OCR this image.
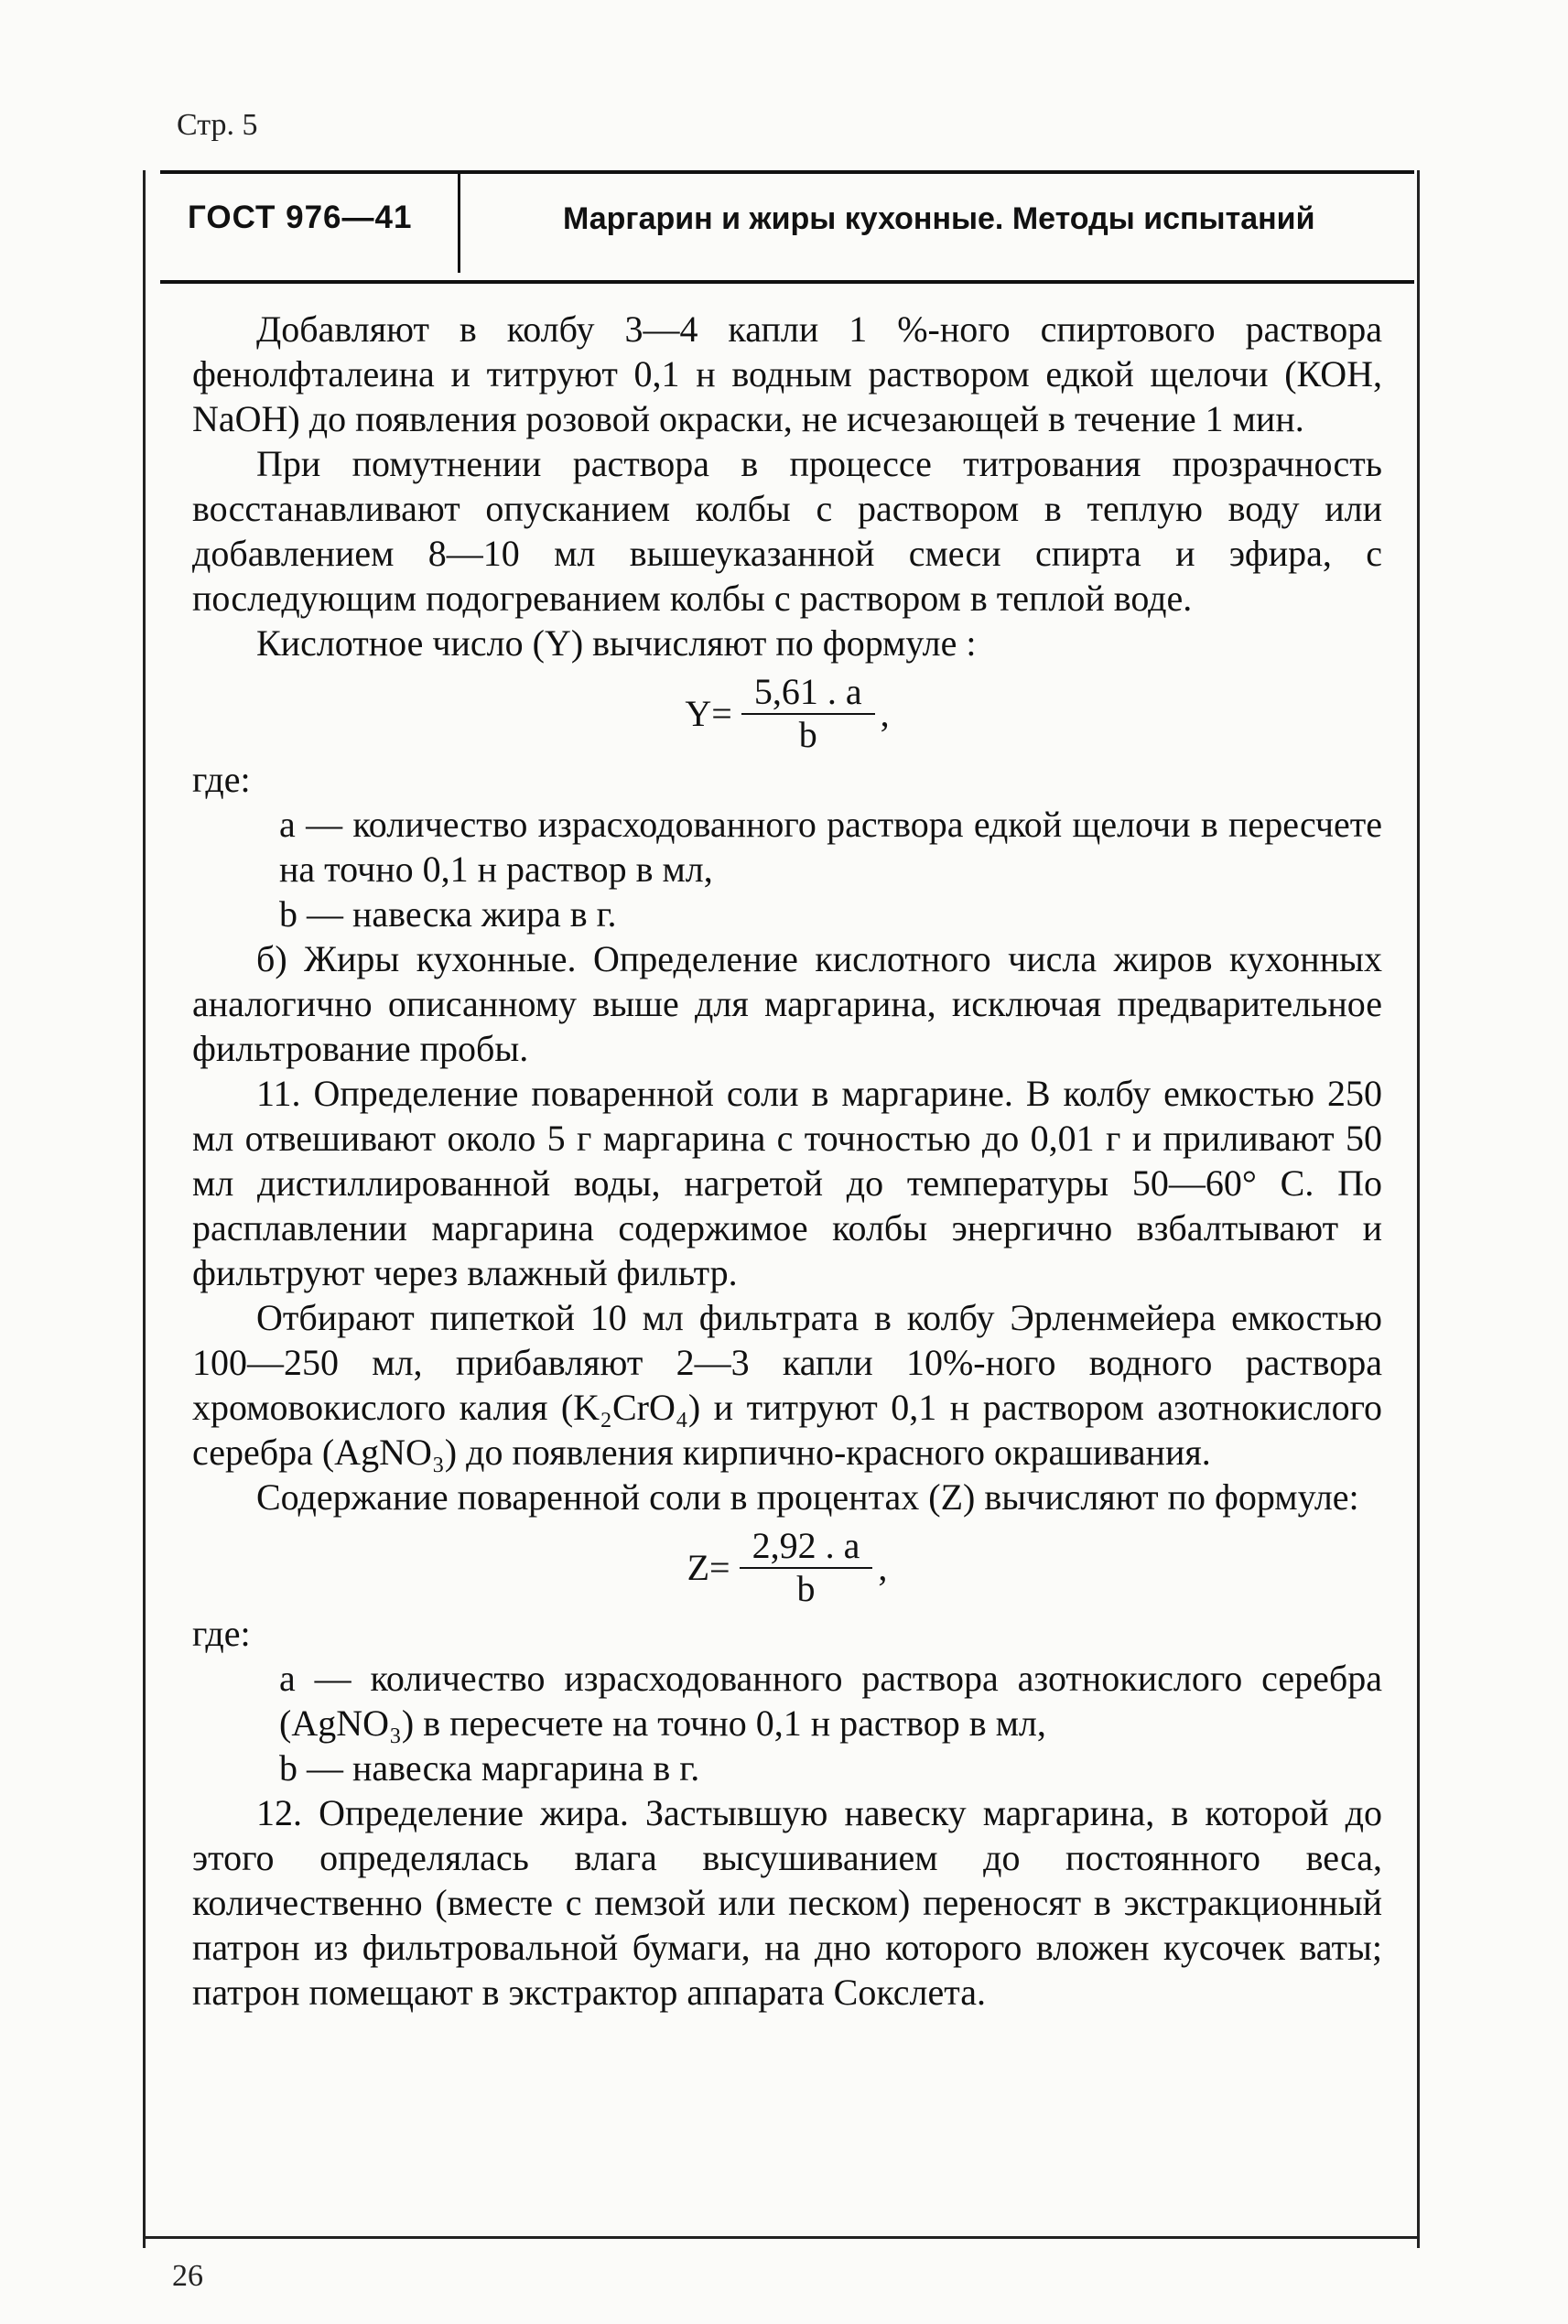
Стр. 5
ГОСТ 976—41	Маргарин и жиры кухонные. Методы испытаний

Добавляют в колбу 3—4 капли 1 %-ного спиртового раствора фенолфталеина и титруют 0,1 н водным раствором едкой щелочи (КОН, NaOH) до появления розовой окраски, не исчезающей в течение 1 мин.

При помутнении раствора в процессе титрования прозрачность восстанавливают опусканием колбы с раствором в теплую воду или добавлением 8—10 мл вышеуказанной смеси спирта и эфира, с последующим подогреванием колбы с раствором в теплой воде.

Кислотное число (Y) вычисляют по формуле :

$Y= \frac{5,61 . a}{b}$ ,

где:

a — количество израсходованного раствора едкой щелочи в пересчете на точно 0,1 н раствор в мл,

b — навеска жира в г.

б) Жиры кухонные. Определение кислотного числа жиров кухонных аналогично описанному выше для маргарина, исключая предварительное фильтрование пробы.

11. Определение поваренной соли в маргарине. В колбу емкостью 250 мл отвешивают около 5 г маргарина с точностью до 0,01 г и приливают 50 мл дистиллированной воды, нагретой до температуры 50—60° С. По расплавлении маргарина содержимое колбы энергично взбалтывают и фильтруют через влажный фильтр.

Отбирают пипеткой 10 мл фильтрата в колбу Эрленмейера емкостью 100—250 мл, прибавляют 2—3 капли 10%-ного водного раствора хромовокислого калия (K₂CrO₄) и титруют 0,1 н раствором азотнокислого серебра (AgNO₃) до появления кирпично-красного окрашивания.

Содержание поваренной соли в процентах (Z) вычисляют по формуле:

$Z= \frac{2,92 . a}{b}$ ,

где:

a — количество израсходованного раствора азотнокислого серебра (AgNO₃) в пересчете на точно 0,1 н раствор в мл,

b — навеска маргарина в г.

12. Определение жира. Застывшую навеску маргарина, в которой до этого определялась влага высушиванием до постоянного веса, количественно (вместе с пемзой или песком) переносят в экстракционный патрон из фильтровальной бумаги, на дно которого вложен кусочек ваты; патрон помещают в экстрактор аппарата Сокслета.

26
